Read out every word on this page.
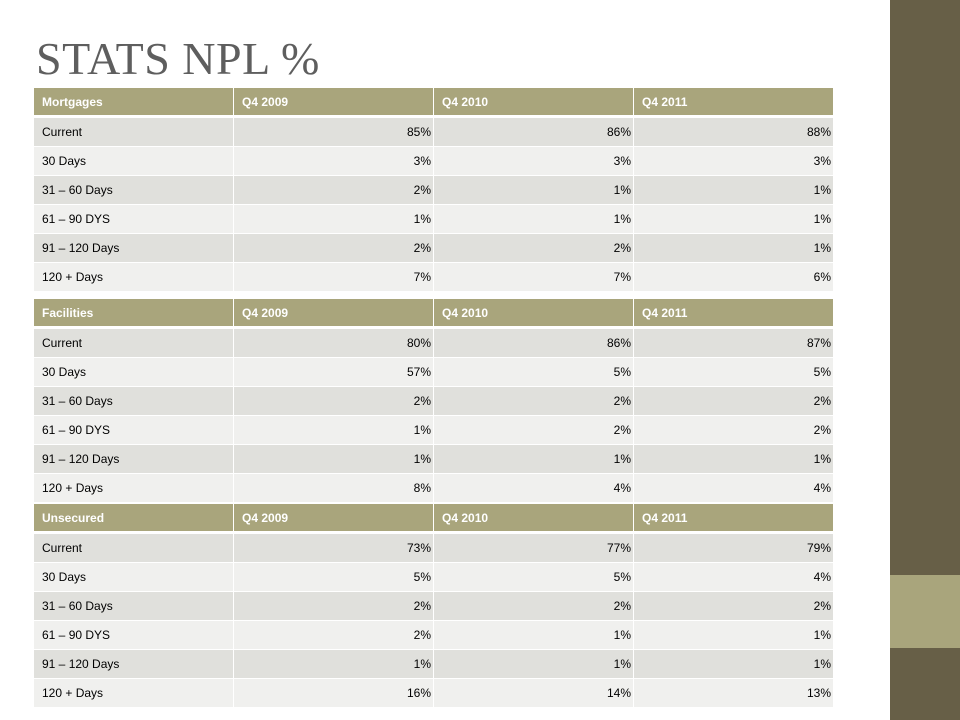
STATS NPL %
Mortgages	Q4 2009	Q4 2010	Q4 2011
Current	85%	86%	88%
30 Days	3%	3%	3%
31 – 60 Days	2%	1%	1%
61 – 90 DYS	1%	1%	1%
91 – 120 Days	2%	2%	1%
120 + Days	7%	7%	6%
Facilities	Q4 2009	Q4 2010	Q4 2011
Current	80%	86%	87%
30 Days	57%	5%	5%
31 – 60 Days	2%	2%	2%
61 – 90 DYS	1%	2%	2%
91 – 120 Days	1%	1%	1%
120 + Days	8%	4%	4%
Unsecured	Q4 2009	Q4 2010	Q4 2011
Current	73%	77%	79%
30 Days	5%	5%	4%
31 – 60 Days	2%	2%	2%
61 – 90 DYS	2%	1%	1%
91 – 120 Days	1%	1%	1%
120 + Days	16%	14%	13%
